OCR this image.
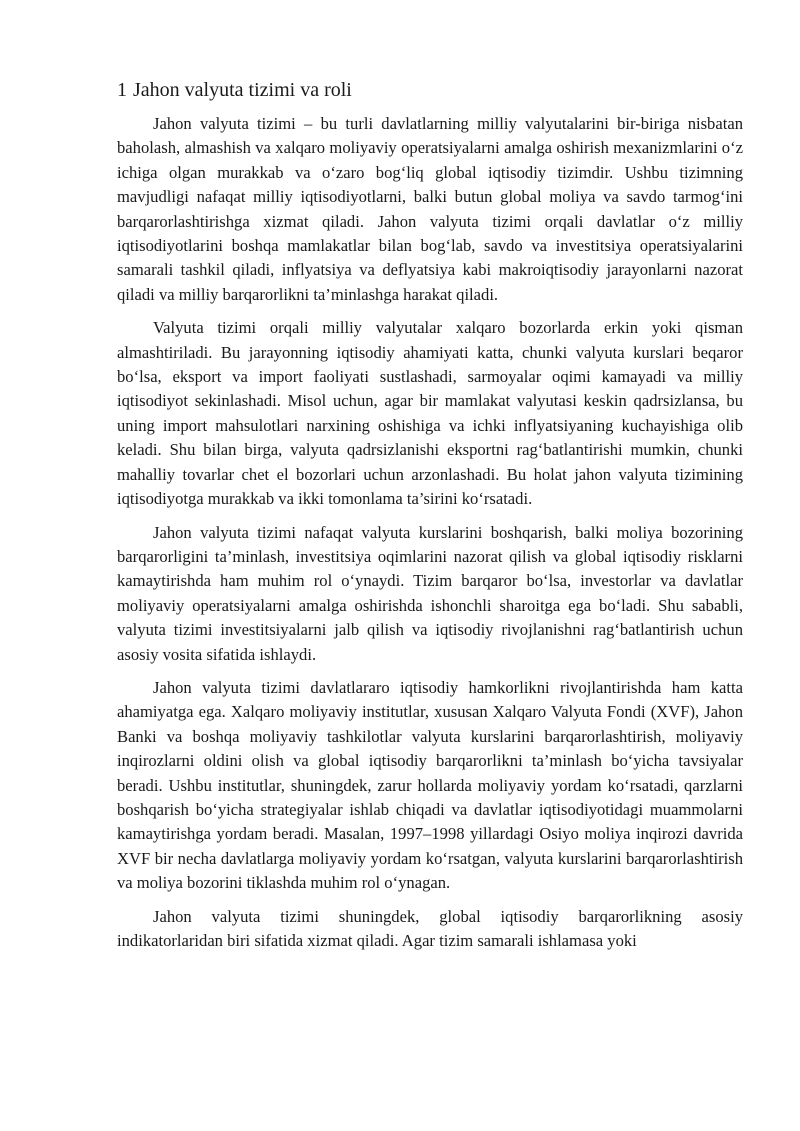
1 Jahon valyuta tizimi va roli

Jahon valyuta tizimi – bu turli davlatlarning milliy valyutalarini bir-biriga nisbatan baholash, almashish va xalqaro moliyaviy operatsiyalarni amalga oshirish mexanizmlarini o‘z ichiga olgan murakkab va o‘zaro bog‘liq global iqtisodiy tizimdir. Ushbu tizimning mavjudligi nafaqat milliy iqtisodiyotlarni, balki butun global moliya va savdo tarmog‘ini barqarorlashtirishga xizmat qiladi. Jahon valyuta tizimi orqali davlatlar o‘z milliy iqtisodiyotlarini boshqa mamlakatlar bilan bog‘lab, savdo va investitsiya operatsiyalarini samarali tashkil qiladi, inflyatsiya va deflyatsiya kabi makroiqtisodiy jarayonlarni nazorat qiladi va milliy barqarorlikni ta’minlashga harakat qiladi.

Valyuta tizimi orqali milliy valyutalar xalqaro bozorlarda erkin yoki qisman almashtiriladi. Bu jarayonning iqtisodiy ahamiyati katta, chunki valyuta kurslari beqaror bo‘lsa, eksport va import faoliyati sustlashadi, sarmoyalar oqimi kamayadi va milliy iqtisodiyot sekinlashadi. Misol uchun, agar bir mamlakat valyutasi keskin qadrsizlansa, bu uning import mahsulotlari narxining oshishiga va ichki inflyatsiyaning kuchayishiga olib keladi. Shu bilan birga, valyuta qadrsizlanishi eksportni rag‘batlantirishi mumkin, chunki mahalliy tovarlar chet el bozorlari uchun arzonlashadi. Bu holat jahon valyuta tizimining iqtisodiyotga murakkab va ikki tomonlama ta’sirini ko‘rsatadi.

Jahon valyuta tizimi nafaqat valyuta kurslarini boshqarish, balki moliya bozorining barqarorligini ta’minlash, investitsiya oqimlarini nazorat qilish va global iqtisodiy risklarni kamaytirishda ham muhim rol o‘ynaydi. Tizim barqaror bo‘lsa, investorlar va davlatlar moliyaviy operatsiyalarni amalga oshirishda ishonchli sharoitga ega bo‘ladi. Shu sababli, valyuta tizimi investitsiyalarni jalb qilish va iqtisodiy rivojlanishni rag‘batlantirish uchun asosiy vosita sifatida ishlaydi.

Jahon valyuta tizimi davlatlararo iqtisodiy hamkorlikni rivojlantirishda ham katta ahamiyatga ega. Xalqaro moliyaviy institutlar, xususan Xalqaro Valyuta Fondi (XVF), Jahon Banki va boshqa moliyaviy tashkilotlar valyuta kurslarini barqarorlashtirish, moliyaviy inqirozlarni oldini olish va global iqtisodiy barqarorlikni ta’minlash bo‘yicha tavsiyalar beradi. Ushbu institutlar, shuningdek, zarur hollarda moliyaviy yordam ko‘rsatadi, qarzlarni boshqarish bo‘yicha strategiyalar ishlab chiqadi va davlatlar iqtisodiyotidagi muammolarni kamaytirishga yordam beradi. Masalan, 1997–1998 yillardagi Osiyo moliya inqirozi davrida XVF bir necha davlatlarga moliyaviy yordam ko‘rsatgan, valyuta kurslarini barqarorlashtirish va moliya bozorini tiklashda muhim rol o‘ynagan.

Jahon valyuta tizimi shuningdek, global iqtisodiy barqarorlikning asosiy indikatorlaridan biri sifatida xizmat qiladi. Agar tizim samarali ishlamasa yoki
